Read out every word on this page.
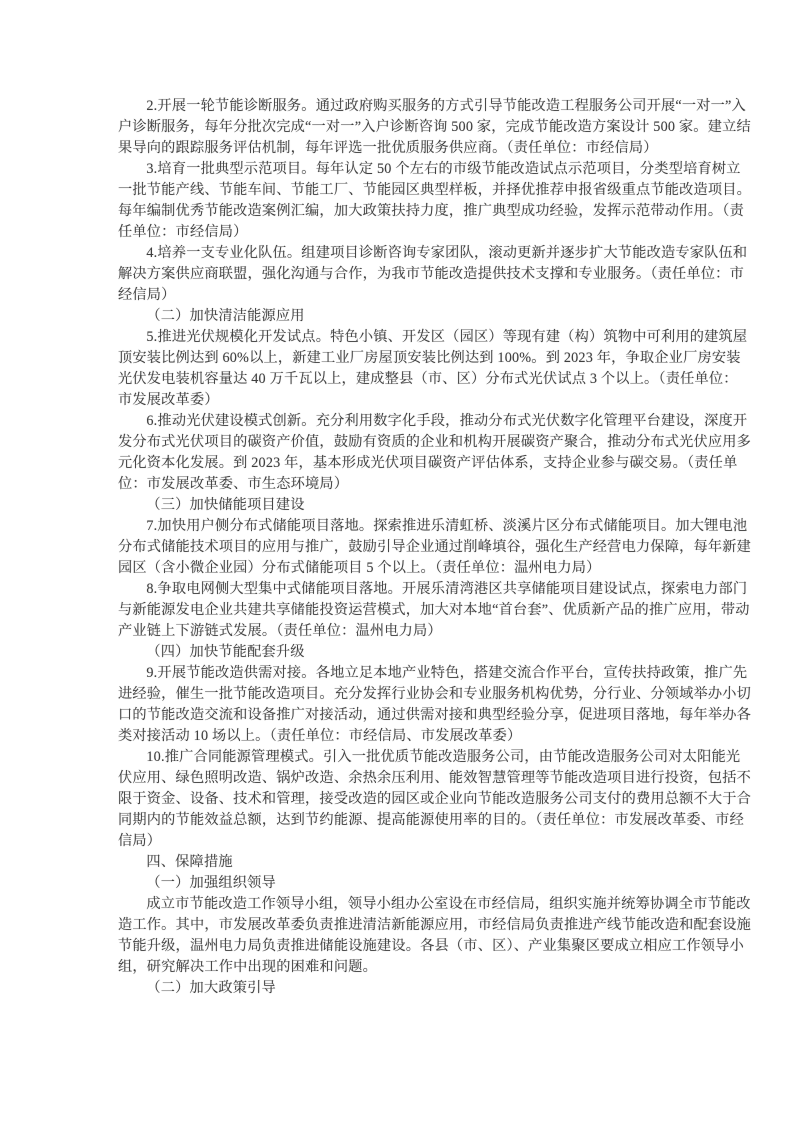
2.开展一轮节能诊断服务。通过政府购买服务的方式引导节能改造工程服务公司开展“一对一”入
户诊断服务，每年分批次完成“一对一”入户诊断咨询 500 家，完成节能改造方案设计 500 家。建立结
果导向的跟踪服务评估机制，每年评选一批优质服务供应商。（责任单位：市经信局）
3.培育一批典型示范项目。每年认定 50 个左右的市级节能改造试点示范项目，分类型培育树立
一批节能产线、节能车间、节能工厂、节能园区典型样板，并择优推荐申报省级重点节能改造项目。
每年编制优秀节能改造案例汇编，加大政策扶持力度，推广典型成功经验，发挥示范带动作用。（责
任单位：市经信局）
4.培养一支专业化队伍。组建项目诊断咨询专家团队，滚动更新并逐步扩大节能改造专家队伍和
解决方案供应商联盟，强化沟通与合作，为我市节能改造提供技术支撑和专业服务。（责任单位：市
经信局）
（二）加快清洁能源应用
5.推进光伏规模化开发试点。特色小镇、开发区（园区）等现有建（构）筑物中可利用的建筑屋
顶安装比例达到 60%以上，新建工业厂房屋顶安装比例达到 100%。到 2023 年，争取企业厂房安装
光伏发电装机容量达 40 万千瓦以上，建成整县（市、区）分布式光伏试点 3 个以上。（责任单位：
市发展改革委）
6.推动光伏建设模式创新。充分利用数字化手段，推动分布式光伏数字化管理平台建设，深度开
发分布式光伏项目的碳资产价值，鼓励有资质的企业和机构开展碳资产聚合，推动分布式光伏应用多
元化资本化发展。到 2023 年，基本形成光伏项目碳资产评估体系，支持企业参与碳交易。（责任单
位：市发展改革委、市生态环境局）
（三）加快储能项目建设
7.加快用户侧分布式储能项目落地。探索推进乐清虹桥、淡溪片区分布式储能项目。加大锂电池
分布式储能技术项目的应用与推广，鼓励引导企业通过削峰填谷，强化生产经营电力保障，每年新建
园区（含小微企业园）分布式储能项目 5 个以上。（责任单位：温州电力局）
8.争取电网侧大型集中式储能项目落地。开展乐清湾港区共享储能项目建设试点，探索电力部门
与新能源发电企业共建共享储能投资运营模式，加大对本地“首台套”、优质新产品的推广应用，带动
产业链上下游链式发展。（责任单位：温州电力局）
（四）加快节能配套升级
9.开展节能改造供需对接。各地立足本地产业特色，搭建交流合作平台，宣传扶持政策，推广先
进经验，催生一批节能改造项目。充分发挥行业协会和专业服务机构优势，分行业、分领域举办小切
口的节能改造交流和设备推广对接活动，通过供需对接和典型经验分享，促进项目落地，每年举办各
类对接活动 10 场以上。（责任单位：市经信局、市发展改革委）
10.推广合同能源管理模式。引入一批优质节能改造服务公司，由节能改造服务公司对太阳能光
伏应用、绿色照明改造、锅炉改造、余热余压利用、能效智慧管理等节能改造项目进行投资，包括不
限于资金、设备、技术和管理，接受改造的园区或企业向节能改造服务公司支付的费用总额不大于合
同期内的节能效益总额，达到节约能源、提高能源使用率的目的。（责任单位：市发展改革委、市经
信局）
四、保障措施
（一）加强组织领导
成立市节能改造工作领导小组，领导小组办公室设在市经信局，组织实施并统筹协调全市节能改
造工作。其中，市发展改革委负责推进清洁新能源应用，市经信局负责推进产线节能改造和配套设施
节能升级，温州电力局负责推进储能设施建设。各县（市、区）、产业集聚区要成立相应工作领导小
组，研究解决工作中出现的困难和问题。
（二）加大政策引导
